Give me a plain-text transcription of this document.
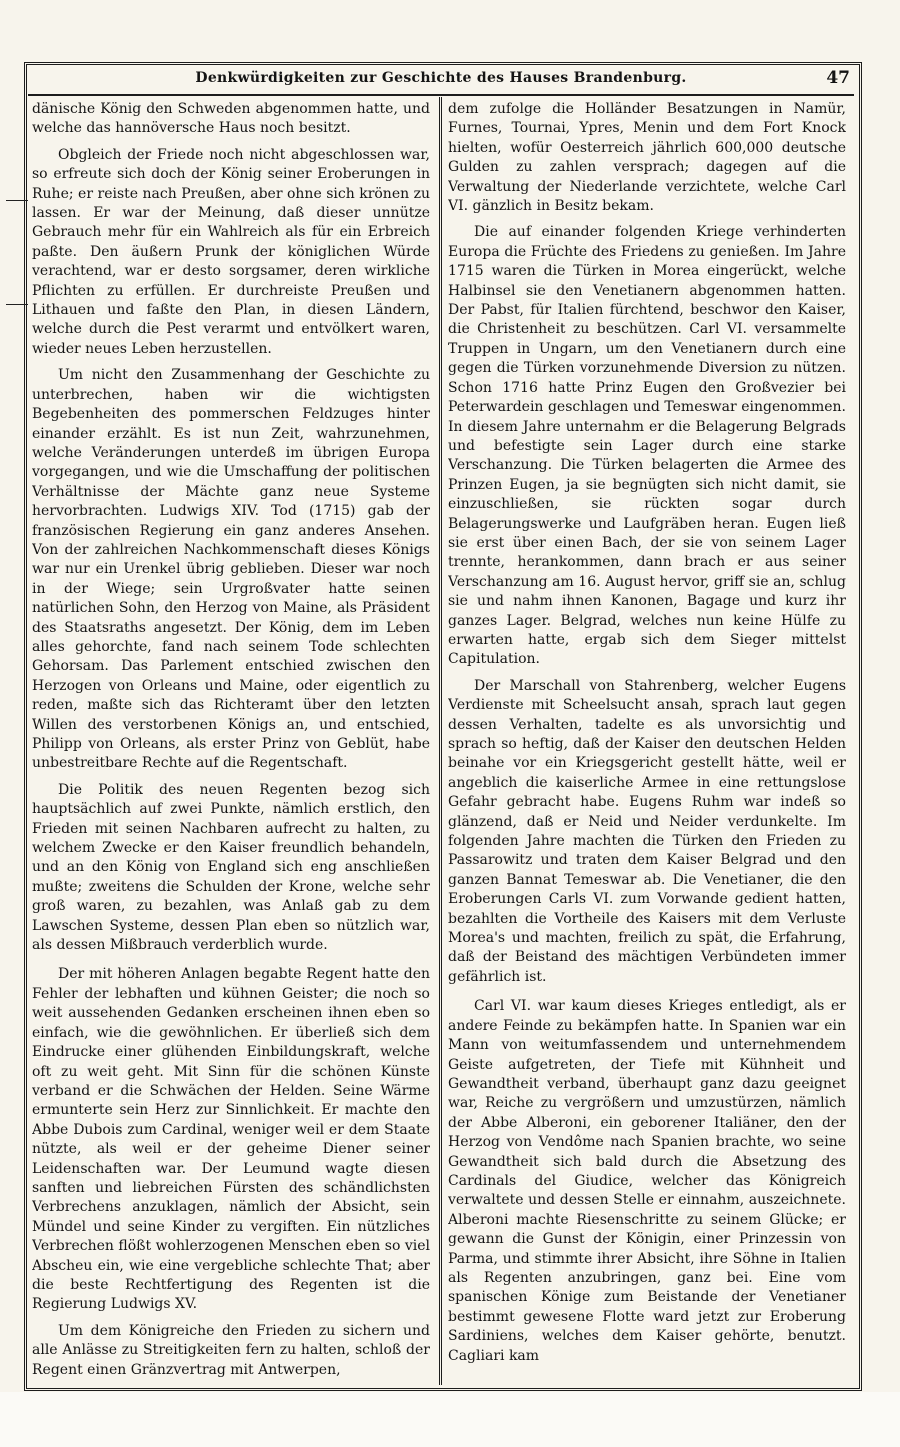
Denkwürdigkeiten zur Geschichte des Hauses Brandenburg.	47

dänische König den Schweden abgenommen hatte, und welche das hannöversche Haus noch besitzt.

Obgleich der Friede noch nicht abgeschlossen war, so erfreute sich doch der König seiner Eroberungen in Ruhe; er reiste nach Preußen, aber ohne sich krönen zu lassen. Er war der Meinung, daß dieser unnütze Gebrauch mehr für ein Wahlreich als für ein Erbreich paßte. Den äußern Prunk der königlichen Würde verachtend, war er desto sorgsamer, deren wirkliche Pflichten zu erfüllen. Er durchreiste Preußen und Lithauen und faßte den Plan, in diesen Ländern, welche durch die Pest verarmt und entvölkert waren, wieder neues Leben herzustellen.

Um nicht den Zusammenhang der Geschichte zu unterbrechen, haben wir die wichtigsten Begebenheiten des pommerschen Feldzuges hinter einander erzählt. Es ist nun Zeit, wahrzunehmen, welche Veränderungen unterdeß im übrigen Europa vorgegangen, und wie die Umschaffung der politischen Verhältnisse der Mächte ganz neue Systeme hervorbrachten. Ludwigs XIV. Tod (1715) gab der französischen Regierung ein ganz anderes Ansehen. Von der zahlreichen Nachkommenschaft dieses Königs war nur ein Urenkel übrig geblieben. Dieser war noch in der Wiege; sein Urgroßvater hatte seinen natürlichen Sohn, den Herzog von Maine, als Präsident des Staatsraths angesetzt. Der König, dem im Leben alles gehorchte, fand nach seinem Tode schlechten Gehorsam. Das Parlement entschied zwischen den Herzogen von Orleans und Maine, oder eigentlich zu reden, maßte sich das Richteramt über den letzten Willen des verstorbenen Königs an, und entschied, Philipp von Orleans, als erster Prinz von Geblüt, habe unbestreitbare Rechte auf die Regentschaft.

Die Politik des neuen Regenten bezog sich hauptsächlich auf zwei Punkte, nämlich erstlich, den Frieden mit seinen Nachbaren aufrecht zu halten, zu welchem Zwecke er den Kaiser freundlich behandeln, und an den König von England sich eng anschließen mußte; zweitens die Schulden der Krone, welche sehr groß waren, zu bezahlen, was Anlaß gab zu dem Lawschen Systeme, dessen Plan eben so nützlich war, als dessen Mißbrauch verderblich wurde.

Der mit höheren Anlagen begabte Regent hatte den Fehler der lebhaften und kühnen Geister; die noch so weit aussehenden Gedanken erscheinen ihnen eben so einfach, wie die gewöhnlichen. Er überließ sich dem Eindrucke einer glühenden Einbildungskraft, welche oft zu weit geht. Mit Sinn für die schönen Künste verband er die Schwächen der Helden. Seine Wärme ermunterte sein Herz zur Sinnlichkeit. Er machte den Abbe Dubois zum Cardinal, weniger weil er dem Staate nützte, als weil er der geheime Diener seiner Leidenschaften war. Der Leumund wagte diesen sanften und liebreichen Fürsten des schändlichsten Verbrechens anzuklagen, nämlich der Absicht, sein Mündel und seine Kinder zu vergiften. Ein nützliches Verbrechen flößt wohlerzogenen Menschen eben so viel Abscheu ein, wie eine vergebliche schlechte That; aber die beste Rechtfertigung des Regenten ist die Regierung Ludwigs XV.

Um dem Königreiche den Frieden zu sichern und alle Anlässe zu Streitigkeiten fern zu halten, schloß der Regent einen Gränzvertrag mit Antwerpen,

dem zufolge die Holländer Besatzungen in Namür, Furnes, Tournai, Ypres, Menin und dem Fort Knock hielten, wofür Oesterreich jährlich 600,000 deutsche Gulden zu zahlen versprach; dagegen auf die Verwaltung der Niederlande verzichtete, welche Carl VI. gänzlich in Besitz bekam.

Die auf einander folgenden Kriege verhinderten Europa die Früchte des Friedens zu genießen. Im Jahre 1715 waren die Türken in Morea eingerückt, welche Halbinsel sie den Venetianern abgenommen hatten. Der Pabst, für Italien fürchtend, beschwor den Kaiser, die Christenheit zu beschützen. Carl VI. versammelte Truppen in Ungarn, um den Venetianern durch eine gegen die Türken vorzunehmende Diversion zu nützen. Schon 1716 hatte Prinz Eugen den Großvezier bei Peterwardein geschlagen und Temeswar eingenommen. In diesem Jahre unternahm er die Belagerung Belgrads und befestigte sein Lager durch eine starke Verschanzung. Die Türken belagerten die Armee des Prinzen Eugen, ja sie begnügten sich nicht damit, sie einzuschließen, sie rückten sogar durch Belagerungswerke und Laufgräben heran. Eugen ließ sie erst über einen Bach, der sie von seinem Lager trennte, herankommen, dann brach er aus seiner Verschanzung am 16. August hervor, griff sie an, schlug sie und nahm ihnen Kanonen, Bagage und kurz ihr ganzes Lager. Belgrad, welches nun keine Hülfe zu erwarten hatte, ergab sich dem Sieger mittelst Capitulation.

Der Marschall von Stahrenberg, welcher Eugens Verdienste mit Scheelsucht ansah, sprach laut gegen dessen Verhalten, tadelte es als unvorsichtig und sprach so heftig, daß der Kaiser den deutschen Helden beinahe vor ein Kriegsgericht gestellt hätte, weil er angeblich die kaiserliche Armee in eine rettungslose Gefahr gebracht habe. Eugens Ruhm war indeß so glänzend, daß er Neid und Neider verdunkelte. Im folgenden Jahre machten die Türken den Frieden zu Passarowitz und traten dem Kaiser Belgrad und den ganzen Bannat Temeswar ab. Die Venetianer, die den Eroberungen Carls VI. zum Vorwande gedient hatten, bezahlten die Vortheile des Kaisers mit dem Verluste Morea's und machten, freilich zu spät, die Erfahrung, daß der Beistand des mächtigen Verbündeten immer gefährlich ist.

Carl VI. war kaum dieses Krieges entledigt, als er andere Feinde zu bekämpfen hatte. In Spanien war ein Mann von weitumfassendem und unternehmendem Geiste aufgetreten, der Tiefe mit Kühnheit und Gewandtheit verband, überhaupt ganz dazu geeignet war, Reiche zu vergrößern und umzustürzen, nämlich der Abbe Alberoni, ein geborener Italiäner, den der Herzog von Vendôme nach Spanien brachte, wo seine Gewandtheit sich bald durch die Absetzung des Cardinals del Giudice, welcher das Königreich verwaltete und dessen Stelle er einnahm, auszeichnete. Alberoni machte Riesenschritte zu seinem Glücke; er gewann die Gunst der Königin, einer Prinzessin von Parma, und stimmte ihrer Absicht, ihre Söhne in Italien als Regenten anzubringen, ganz bei. Eine vom spanischen Könige zum Beistande der Venetianer bestimmt gewesene Flotte ward jetzt zur Eroberung Sardiniens, welches dem Kaiser gehörte, benutzt. Cagliari kam
